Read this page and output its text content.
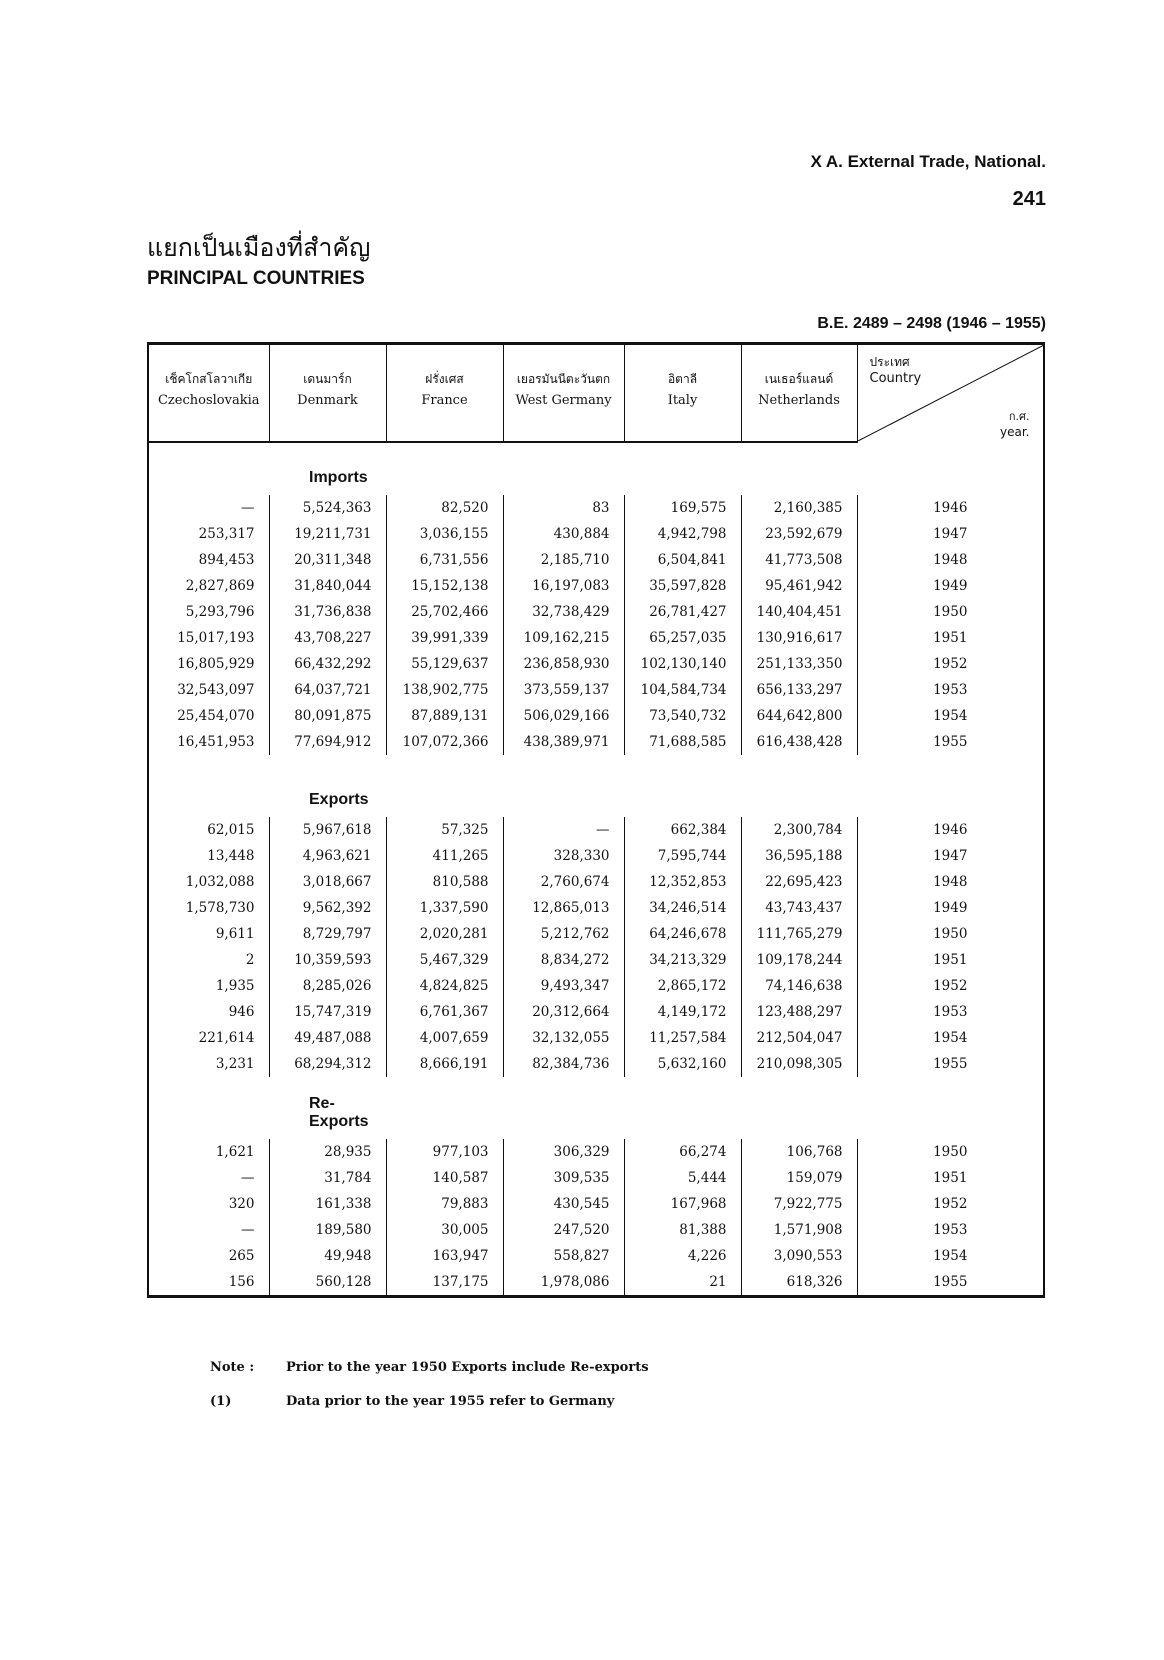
X A. External Trade, National.
241
แยกเป็นเมืองที่สำคัญ
PRINCIPAL COUNTRIES
B.E. 2489 – 2498 (1946 – 1955)
เช็คโกสโลวาเกีย	เดนมาร์ก	ฝรั่งเศส	เยอรมันนีตะวันตก	อิตาลี	เนเธอร์แลนด์	ประเทศ
Country
ก.ศ.
year.

Czechoslovakia	Denmark	France	West Germany	Italy	Netherlands	
	Imports					
—	5,524,363	82,520	83	169,575	2,160,385	1946
253,317	19,211,731	3,036,155	430,884	4,942,798	23,592,679	1947
894,453	20,311,348	6,731,556	2,185,710	6,504,841	41,773,508	1948
2,827,869	31,840,044	15,152,138	16,197,083	35,597,828	95,461,942	1949
5,293,796	31,736,838	25,702,466	32,738,429	26,781,427	140,404,451	1950
15,017,193	43,708,227	39,991,339	109,162,215	65,257,035	130,916,617	1951
16,805,929	66,432,292	55,129,637	236,858,930	102,130,140	251,133,350	1952
32,543,097	64,037,721	138,902,775	373,559,137	104,584,734	656,133,297	1953
25,454,070	80,091,875	87,889,131	506,029,166	73,540,732	644,642,800	1954
16,451,953	77,694,912	107,072,366	438,389,971	71,688,585	616,438,428	1955

	Exports					
62,015	5,967,618	57,325	—	662,384	2,300,784	1946
13,448	4,963,621	411,265	328,330	7,595,744	36,595,188	1947
1,032,088	3,018,667	810,588	2,760,674	12,352,853	22,695,423	1948
1,578,730	9,562,392	1,337,590	12,865,013	34,246,514	43,743,437	1949
9,611	8,729,797	2,020,281	5,212,762	64,246,678	111,765,279	1950
2	10,359,593	5,467,329	8,834,272	34,213,329	109,178,244	1951
1,935	8,285,026	4,824,825	9,493,347	2,865,172	74,146,638	1952
946	15,747,319	6,761,367	20,312,664	4,149,172	123,488,297	1953
221,614	49,487,088	4,007,659	32,132,055	11,257,584	212,504,047	1954
3,231	68,294,312	8,666,191	82,384,736	5,632,160	210,098,305	1955

	Re-Exports					
1,621	28,935	977,103	306,329	66,274	106,768	1950
—	31,784	140,587	309,535	5,444	159,079	1951
320	161,338	79,883	430,545	167,968	7,922,775	1952
—	189,580	30,005	247,520	81,388	1,571,908	1953
265	49,948	163,947	558,827	4,226	3,090,553	1954
156	560,128	137,175	1,978,086	21	618,326	1955
Note : Prior to the year 1950 Exports include Re-exports
(1)	Data prior to the year 1955 refer to Germany
